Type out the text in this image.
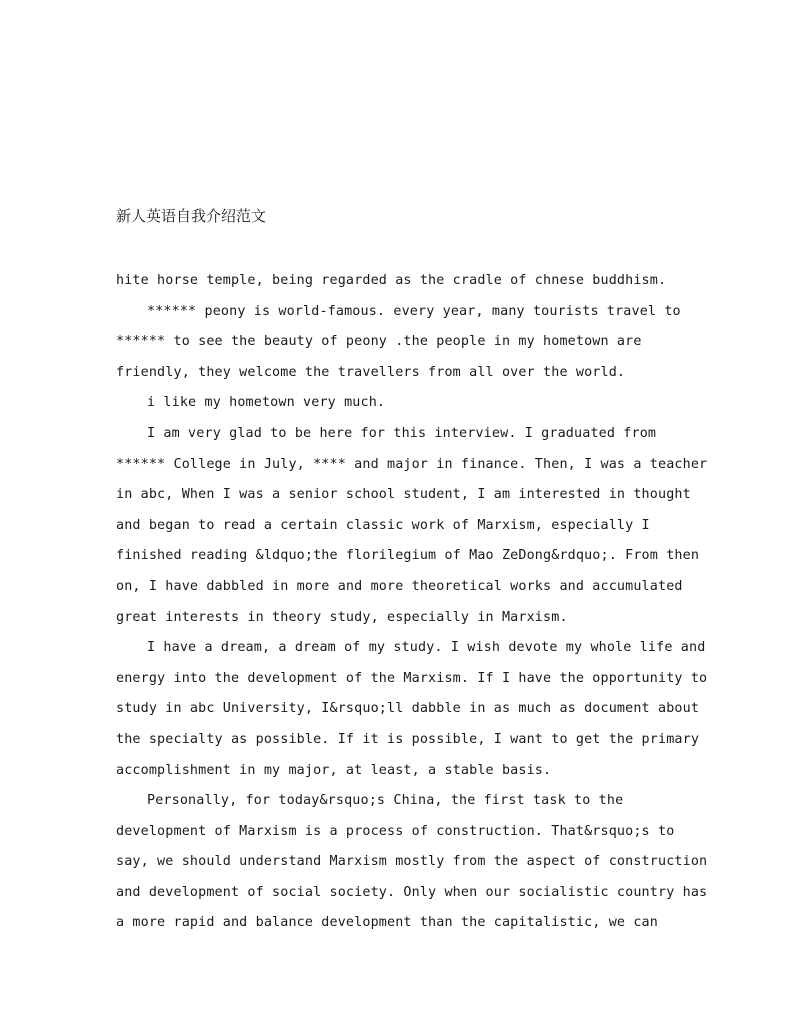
新人英语自我介绍范文
hite horse temple, being regarded as the cradle of chnese buddhism.
****** peony is world-famous. every year, many tourists travel to
****** to see the beauty of peony .the people in my hometown are
friendly, they welcome the travellers from all over the world.
i like my hometown very much.
I am very glad to be here for this interview. I graduated from
****** College in July, **** and major in finance. Then, I was a teacher
in abc, When I was a senior school student, I am interested in thought
and began to read a certain classic work of Marxism, especially I
finished reading &ldquo;the florilegium of Mao ZeDong&rdquo;. From then
on, I have dabbled in more and more theoretical works and accumulated
great interests in theory study, especially in Marxism.
I have a dream, a dream of my study. I wish devote my whole life and
energy into the development of the Marxism. If I have the opportunity to
study in abc University, I&rsquo;ll dabble in as much as document about
the specialty as possible. If it is possible, I want to get the primary
accomplishment in my major, at least, a stable basis.
Personally, for today&rsquo;s China, the first task to the
development of Marxism is a process of construction. That&rsquo;s to
say, we should understand Marxism mostly from the aspect of construction
and development of social society. Only when our socialistic country has
a more rapid and balance development than the capitalistic, we can
